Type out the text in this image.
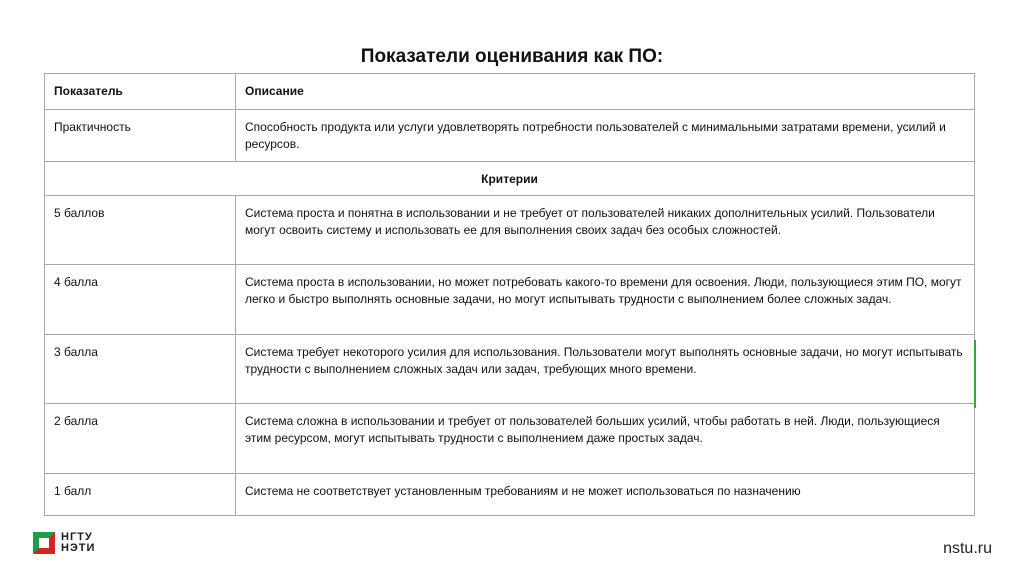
Показатели оценивания как ПО:
Показатель	Описание
Практичность	Способность продукта или услуги удовлетворять потребности пользователей с минимальными затратами времени, усилий и ресурсов.
Критерии	
5 баллов	Система проста и понятна в использовании и не требует от пользователей никаких дополнительных усилий. Пользователи могут освоить систему и использовать ее для выполнения своих задач без особых сложностей.
4 балла	Система проста в использовании, но может потребовать какого-то времени для освоения. Люди, пользующиеся этим ПО, могут легко и быстро выполнять основные задачи, но могут испытывать трудности с выполнением более сложных задач.
3 балла	Система требует некоторого усилия для использования. Пользователи могут выполнять основные задачи, но могут испытывать трудности с выполнением сложных задач или задач, требующих много времени.
2 балла	Система сложна в использовании и требует от пользователей больших усилий, чтобы работать в ней. Люди, пользующиеся этим ресурсом, могут испытывать трудности с выполнением даже простых задач.
1 балл	Система не соответствует установленным требованиям и не может использоваться по назначению
НГТУ
НЭТИ	nstu.ru
